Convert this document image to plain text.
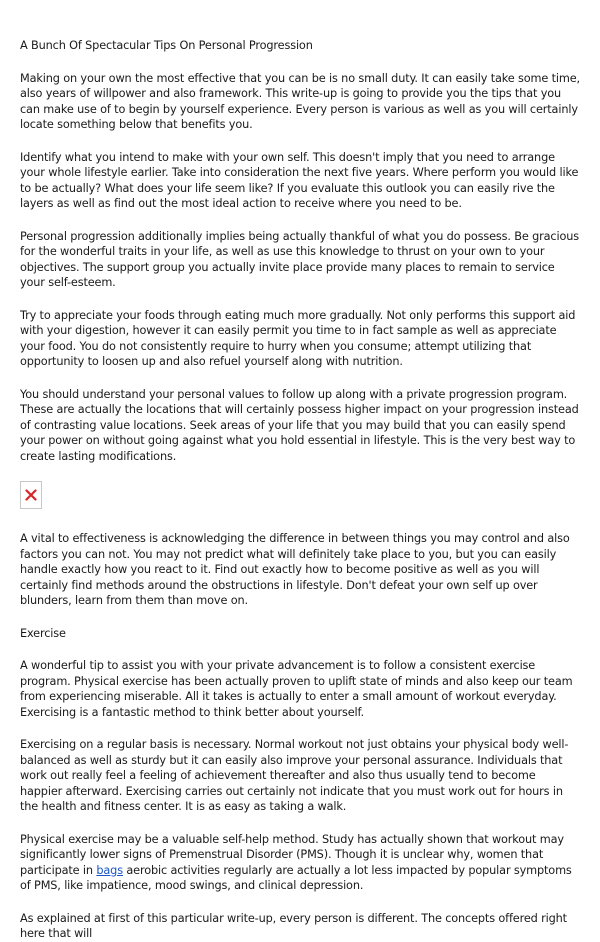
A Bunch Of Spectacular Tips On Personal Progression

Making on your own the most effective that you can be is no small duty. It can easily take some time, also years of willpower and also framework. This write-up is going to provide you the tips that you can make use of to begin by yourself experience. Every person is various as well as you will certainly locate something below that benefits you.

Identify what you intend to make with your own self. This doesn't imply that you need to arrange your whole lifestyle earlier. Take into consideration the next five years. Where perform you would like to be actually? What does your life seem like? If you evaluate this outlook you can easily rive the layers as well as find out the most ideal action to receive where you need to be.

Personal progression additionally implies being actually thankful of what you do possess. Be gracious for the wonderful traits in your life, as well as use this knowledge to thrust on your own to your objectives. The support group you actually invite place provide many places to remain to service your self-esteem.

Try to appreciate your foods through eating much more gradually. Not only performs this support aid with your digestion, however it can easily permit you time to in fact sample as well as appreciate your food. You do not consistently require to hurry when you consume; attempt utilizing that opportunity to loosen up and also refuel yourself along with nutrition.

You should understand your personal values to follow up along with a private progression program. These are actually the locations that will certainly possess higher impact on your progression instead of contrasting value locations. Seek areas of your life that you may build that you can easily spend your power on without going against what you hold essential in lifestyle. This is the very best way to create lasting modifications.

A vital to effectiveness is acknowledging the difference in between things you may control and also factors you can not. You may not predict what will definitely take place to you, but you can easily handle exactly how you react to it. Find out exactly how to become positive as well as you will certainly find methods around the obstructions in lifestyle. Don't defeat your own self up over blunders, learn from them than move on.

Exercise

A wonderful tip to assist you with your private advancement is to follow a consistent exercise program. Physical exercise has been actually proven to uplift state of minds and also keep our team from experiencing miserable. All it takes is actually to enter a small amount of workout everyday. Exercising is a fantastic method to think better about yourself.

Exercising on a regular basis is necessary. Normal workout not just obtains your physical body well-balanced as well as sturdy but it can easily also improve your personal assurance. Individuals that work out really feel a feeling of achievement thereafter and also thus usually tend to become happier afterward. Exercising carries out certainly not indicate that you must work out for hours in the health and fitness center. It is as easy as taking a walk.

Physical exercise may be a valuable self-help method. Study has actually shown that workout may significantly lower signs of Premenstrual Disorder (PMS). Though it is unclear why, women that participate in bags aerobic activities regularly are actually a lot less impacted by popular symptoms of PMS, like impatience, mood swings, and clinical depression.

As explained at first of this particular write-up, every person is different. The concepts offered right here that will
